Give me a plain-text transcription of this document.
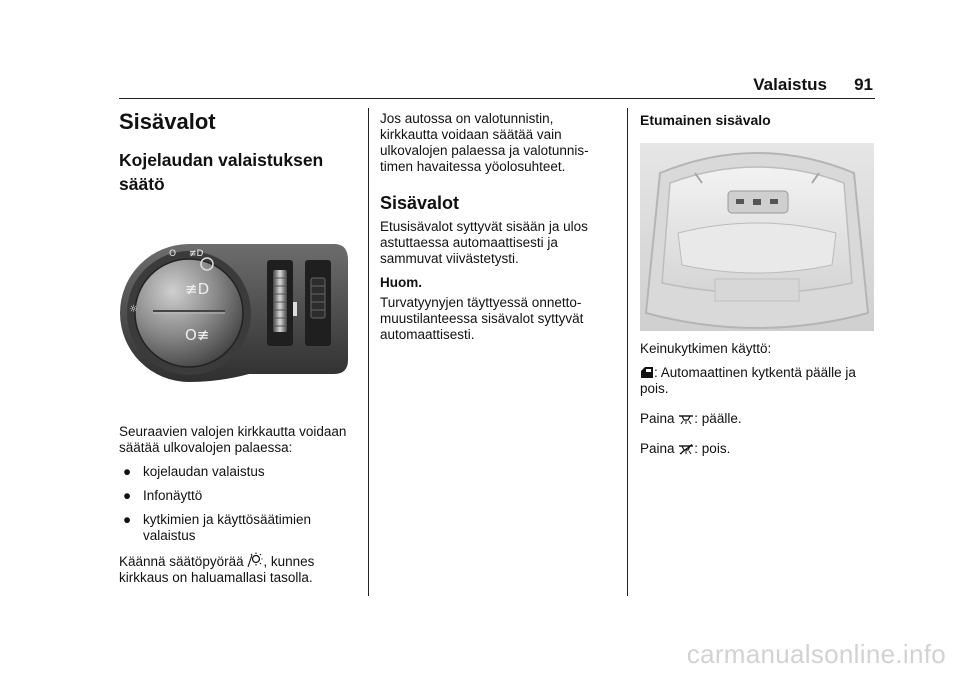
Valaistus 91
Sisävalot
Kojelaudan valaistuksen
säätö
≢D
O≢
O ≢D
☼

Seuraavien valojen kirkkautta voidaan säätää ulkovalojen palaessa:

● kojelaudan valaistus
● Infonäyttö
● kytkimien ja käyttösäätimien valaistus

Käännä säätöpyörää , kunnes kirkkaus on haluamallasi tasolla.

Jos autossa on valotunnistin, kirkkautta voidaan säätää vain ulkovalojen palaessa ja valotunnistimen havaitessa yöolosuhteet.

Sisävalot

Etusisävalot syttyvät sisään ja ulos astuttaessa automaattisesti ja sammuvat viivästetysti.

Huom.

Turvatyynyjen täyttyessä onnettomuustilanteessa sisävalot syttyvät automaattisesti.

Etumainen sisävalo

Keinukytkimen käyttö:

: Automaattinen kytkentä päälle ja pois.

Paina : päälle.

Paina : pois.

carmanualsonline.info
